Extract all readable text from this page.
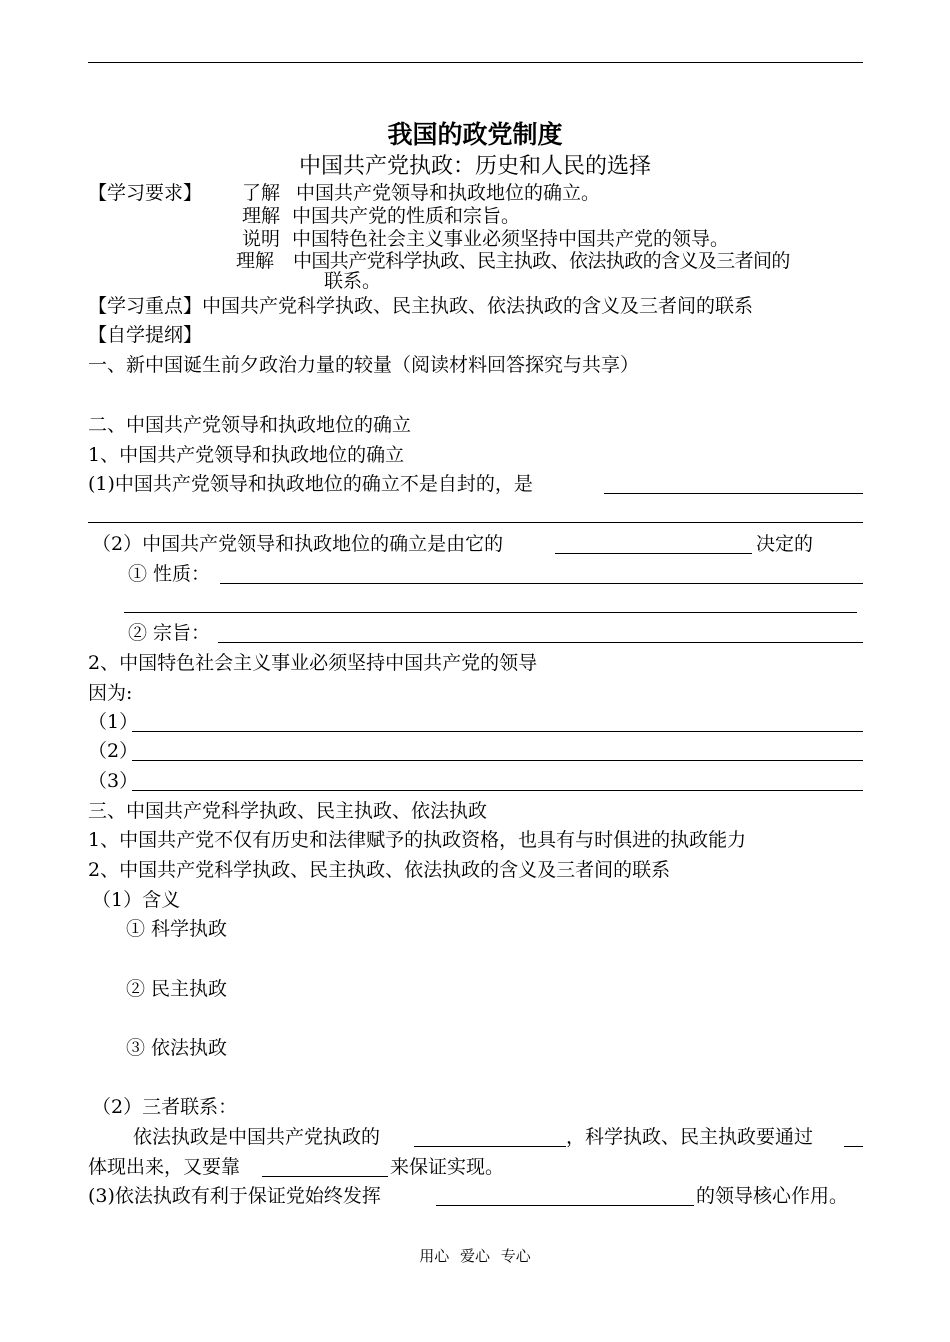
我国的政党制度
中国共产党执政：历史和人民的选择
【学习要求】 了解 中国共产党领导和执政地位的确立。
理解 中国共产党的性质和宗旨。
说明 中国特色社会主义事业必须坚持中国共产党的领导。
理解 中国共产党科学执政、民主执政、依法执政的含义及三者间的
联系。
【学习重点】中国共产党科学执政、民主执政、依法执政的含义及三者间的联系
【自学提纲】
一、新中国诞生前夕政治力量的较量（阅读材料回答探究与共享）
二、中国共产党领导和执政地位的确立
1、中国共产党领导和执政地位的确立
(1)中国共产党领导和执政地位的确立不是自封的，是
（2）中国共产党领导和执政地位的确立是由它的	决定的
① 性质：
② 宗旨：
2、中国特色社会主义事业必须坚持中国共产党的领导
因为:
（1）
（2）
（3）
三、中国共产党科学执政、民主执政、依法执政
1、中国共产党不仅有历史和法律赋予的执政资格，也具有与时俱进的执政能力
2、中国共产党科学执政、民主执政、依法执政的含义及三者间的联系
（1）含义
① 科学执政
② 民主执政
③ 依法执政
（2）三者联系：
依法执政是中国共产党执政的	，科学执政、民主执政要通过
体现出来，又要靠	来保证实现。
(3)依法执政有利于保证党始终发挥	的领导核心作用。
用心 爱心 专心
